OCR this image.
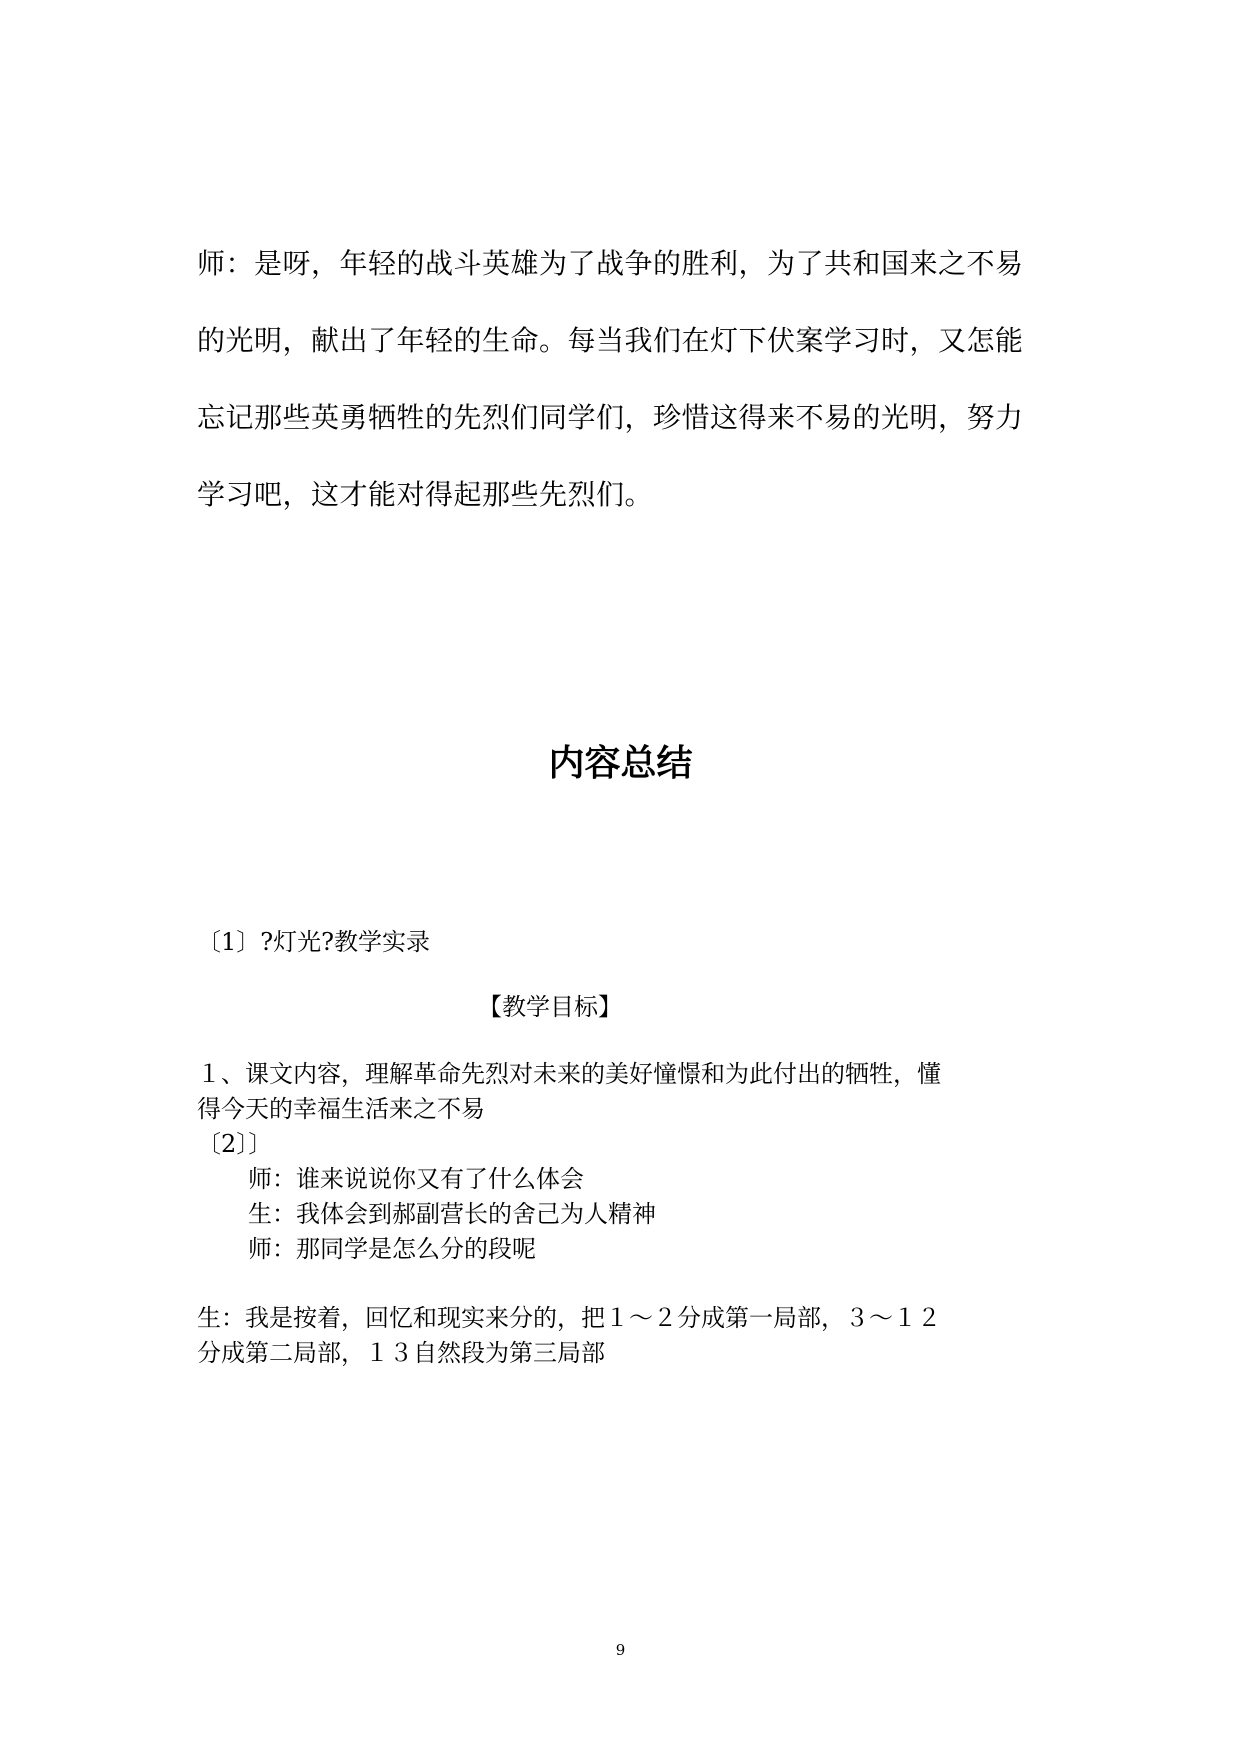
师：是呀，年轻的战斗英雄为了战争的胜利，为了共和国来之不易
的光明，献出了年轻的生命。每当我们在灯下伏案学习时，又怎能
忘记那些英勇牺牲的先烈们同学们，珍惜这得来不易的光明，努力
学习吧，这才能对得起那些先烈们。
内容总结

〔1〕?灯光?教学实录

【教学目标】

１、课文内容，理解革命先烈对未来的美好憧憬和为此付出的牺牲，懂

得今天的幸福生活来之不易

〔2〕〕

师：谁来说说你又有了什么体会

生：我体会到郝副营长的舍己为人精神

师：那同学是怎么分的段呢

生：我是按着，回忆和现实来分的，把１～２分成第一局部，３～１２

分成第二局部，１３自然段为第三局部

9
